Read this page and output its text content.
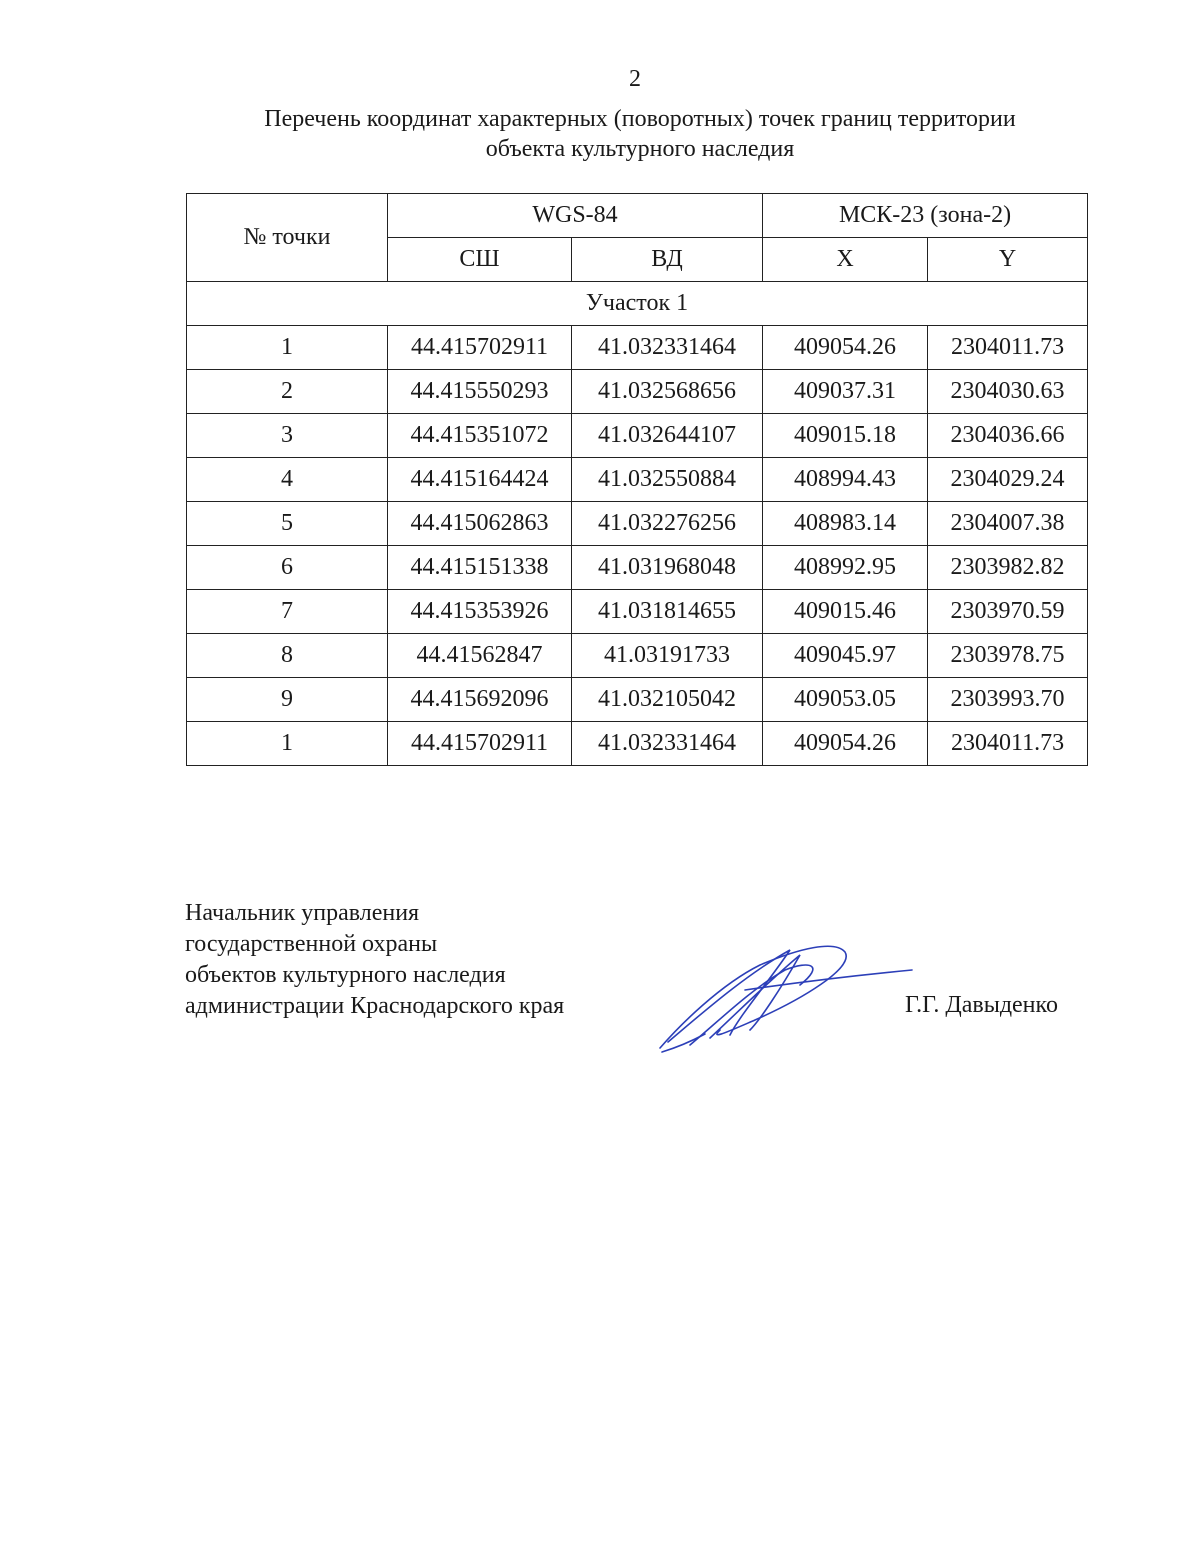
2
Перечень координат характерных (поворотных) точек границ территории
объекта культурного наследия
№ точки	WGS-84		МСК-23 (зона-2)	
	СШ	ВД	X	Y
Участок 1				
1	44.415702911	41.032331464	409054.26	2304011.73
2	44.415550293	41.032568656	409037.31	2304030.63
3	44.415351072	41.032644107	409015.18	2304036.66
4	44.415164424	41.032550884	408994.43	2304029.24
5	44.415062863	41.032276256	408983.14	2304007.38
6	44.415151338	41.031968048	408992.95	2303982.82
7	44.415353926	41.031814655	409015.46	2303970.59
8	44.41562847	41.03191733	409045.97	2303978.75
9	44.415692096	41.032105042	409053.05	2303993.70
1	44.415702911	41.032331464	409054.26	2304011.73
Начальник управления
государственной охраны
объектов культурного наследия
администрации Краснодарского края	Г.Г. Давыденко
